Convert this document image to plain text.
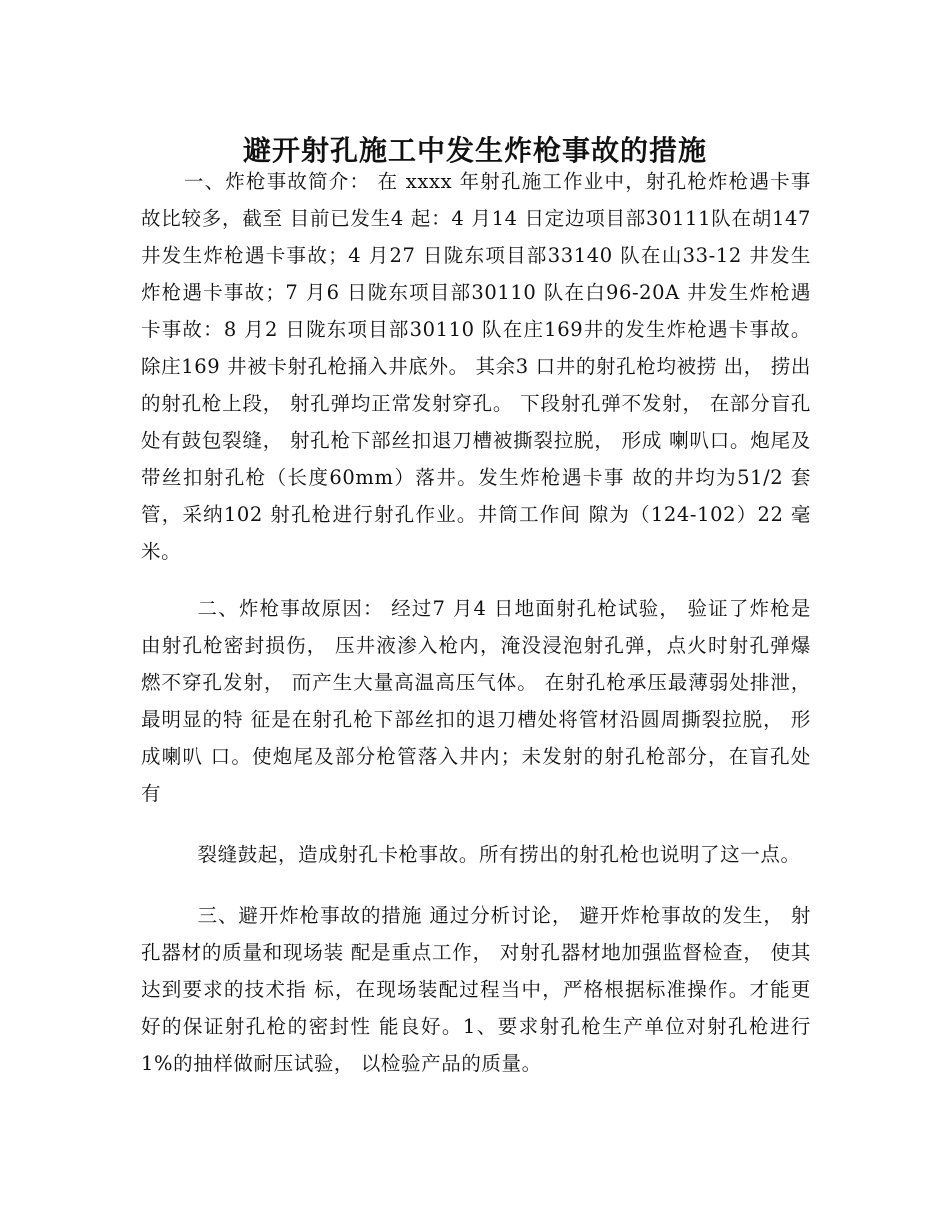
避开射孔施工中发生炸枪事故的措施

一、炸枪事故简介： 在 xxxx 年射孔施工作业中，射孔枪炸枪遇卡事故比较多，截至 目前已发生4 起：4 月14 日定边项目部30111队在胡147 井发生炸枪遇卡事故；4 月27 日陇东项目部33140 队在山33-12 井发生炸枪遇卡事故；7 月6 日陇东项目部30110 队在白96-20A 井发生炸枪遇卡事故：8 月2 日陇东项目部30110 队在庄169井的发生炸枪遇卡事故。 除庄169 井被卡射孔枪捅入井底外。 其余3 口井的射孔枪均被捞 出， 捞出的射孔枪上段， 射孔弹均正常发射穿孔。 下段射孔弹不发射， 在部分盲孔处有鼓包裂缝， 射孔枪下部丝扣退刀槽被撕裂拉脱， 形成 喇叭口。炮尾及带丝扣射孔枪（长度60mm）落井。发生炸枪遇卡事 故的井均为51/2 套管，采纳102 射孔枪进行射孔作业。井筒工作间 隙为（124-102）22 毫米。

二、炸枪事故原因： 经过7 月4 日地面射孔枪试验， 验证了炸枪是由射孔枪密封损伤， 压井液渗入枪内，淹没浸泡射孔弹，点火时射孔弹爆燃不穿孔发射， 而产生大量高温高压气体。 在射孔枪承压最薄弱处排泄， 最明显的特 征是在射孔枪下部丝扣的退刀槽处将管材沿圆周撕裂拉脱， 形成喇叭 口。使炮尾及部分枪管落入井内；未发射的射孔枪部分，在盲孔处有

裂缝鼓起，造成射孔卡枪事故。所有捞出的射孔枪也说明了这一点。

三、避开炸枪事故的措施 通过分析讨论， 避开炸枪事故的发生， 射孔器材的质量和现场装 配是重点工作， 对射孔器材地加强监督检查， 使其达到要求的技术指 标，在现场装配过程当中，严格根据标准操作。才能更好的保证射孔枪的密封性 能良好。1、要求射孔枪生产单位对射孔枪进行 1%的抽样做耐压试验， 以检验产品的质量。
